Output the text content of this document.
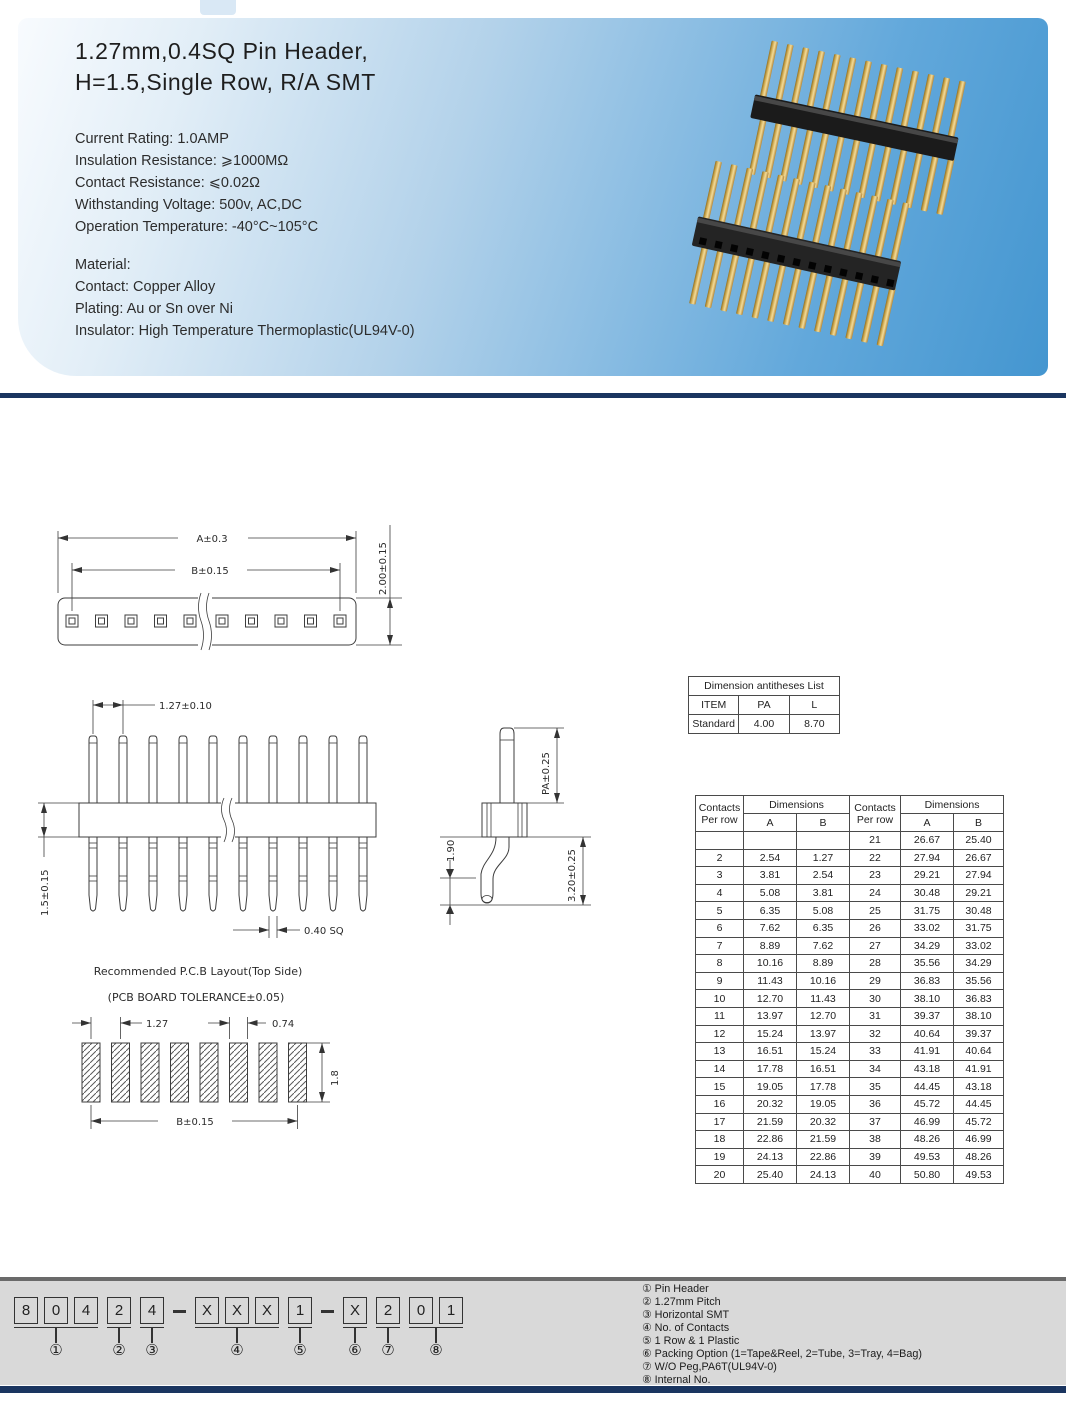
1.27mm,0.4SQ Pin Header,
H=1.5,Single Row, R/A SMT
Current Rating: 1.0AMP
Insulation Resistance: ⩾1000MΩ
Contact Resistance: ⩽0.02Ω
Withstanding Voltage: 500v, AC,DC
Operation Temperature: -40°C~105°C
Material:
Contact: Copper Alloy
Plating: Au or Sn over Ni
Insulator: High Temperature Thermoplastic(UL94V-0)
A±0.3
B±0.15	2.00±0.15
1.27±0.10
1.5±0.15
0.40 SQ
PA±0.25
3.20±0.25
1.90
Recommended P.C.B Layout(Top Side)
(PCB BOARD TOLERANCE±0.05)
1.27	0.74
1.8
B±0.15
Dimension antitheses List		
ITEM	PA	L
Standard	4.00	8.70
Contacts Per row	Dimensions		Contacts Per row	Dimensions	
	A	B		A	B
			21	26.67	25.40
2	2.54	1.27	22	27.94	26.67
3	3.81	2.54	23	29.21	27.94
4	5.08	3.81	24	30.48	29.21
5	6.35	5.08	25	31.75	30.48
6	7.62	6.35	26	33.02	31.75
7	8.89	7.62	27	34.29	33.02
8	10.16	8.89	28	35.56	34.29
9	11.43	10.16	29	36.83	35.56
10	12.70	11.43	30	38.10	36.83
11	13.97	12.70	31	39.37	38.10
12	15.24	13.97	32	40.64	39.37
13	16.51	15.24	33	41.91	40.64
14	17.78	16.51	34	43.18	41.91
15	19.05	17.78	35	44.45	43.18
16	20.32	19.05	36	45.72	44.45
17	21.59	20.32	37	46.99	45.72
18	22.86	21.59	38	48.26	46.99
19	24.13	22.86	39	49.53	48.26
20	25.40	24.13	40	50.80	49.53
8	0	4
①
2
②
4
③
X	X	X
④
1
⑤
X
⑥
2
⑦
0	1
⑧
① Pin Header
② 1.27mm Pitch
③ Horizontal SMT
④ No. of Contacts
⑤ 1 Row & 1 Plastic
⑥ Packing Option (1=Tape&Reel, 2=Tube, 3=Tray, 4=Bag)
⑦ W/O Peg,PA6T(UL94V-0)
⑧ Internal No.
